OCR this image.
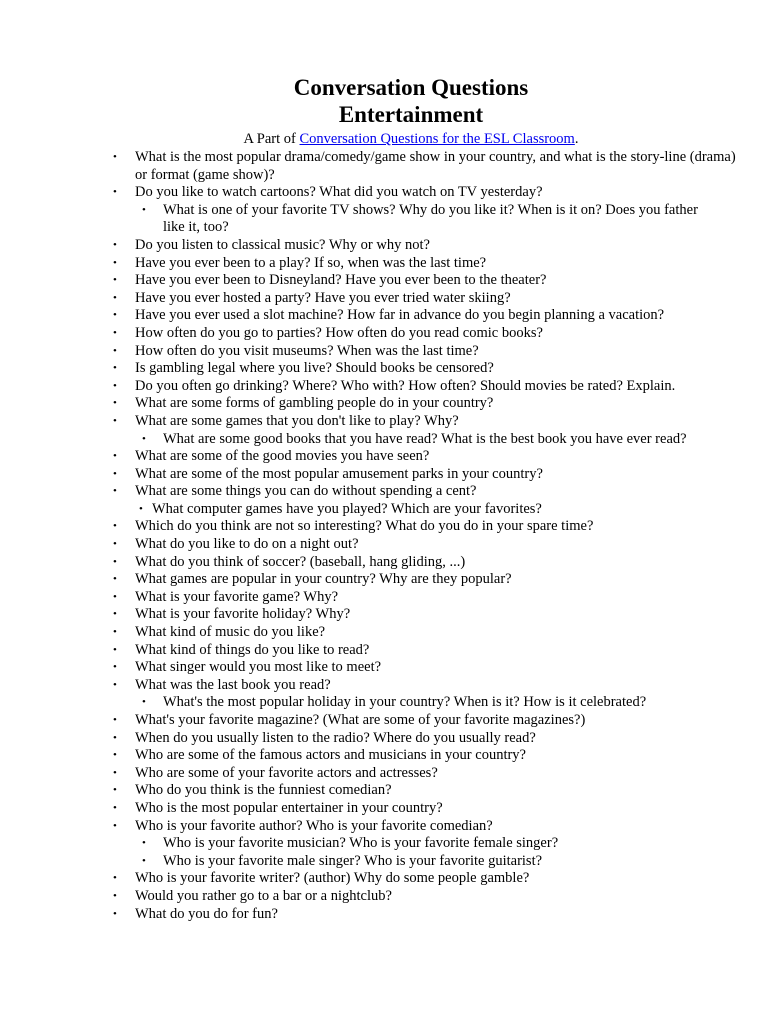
Conversation Questions

Entertainment

A Part of Conversation Questions for the ESL Classroom.
• What is the most popular drama/comedy/game show in your country, and what is the story-line (drama) or format (game show)?
• Do you like to watch cartoons? What did you watch on TV yesterday?
• What is one of your favorite TV shows? Why do you like it? When is it on? Does you father like it, too?
• Do you listen to classical music? Why or why not?
• Have you ever been to a play? If so, when was the last time?
• Have you ever been to Disneyland? Have you ever been to the theater?
• Have you ever hosted a party? Have you ever tried water skiing?
• Have you ever used a slot machine? How far in advance do you begin planning a vacation?
• How often do you go to parties? How often do you read comic books?
• How often do you visit museums? When was the last time?
• Is gambling legal where you live? Should books be censored?
• Do you often go drinking? Where? Who with? How often? Should movies be rated? Explain.
• What are some forms of gambling people do in your country?
• What are some games that you don't like to play? Why?
• What are some good books that you have read? What is the best book you have ever read?
• What are some of the good movies you have seen?
• What are some of the most popular amusement parks in your country?
• What are some things you can do without spending a cent?
• What computer games have you played? Which are your favorites?
• Which do you think are not so interesting? What do you do in your spare time?
• What do you like to do on a night out?
• What do you think of soccer? (baseball, hang gliding, ...)
• What games are popular in your country? Why are they popular?
• What is your favorite game? Why?
• What is your favorite holiday? Why?
• What kind of music do you like?
• What kind of things do you like to read?
• What singer would you most like to meet?
• What was the last book you read?
• What's the most popular holiday in your country? When is it? How is it celebrated?
• What's your favorite magazine? (What are some of your favorite magazines?)
• When do you usually listen to the radio? Where do you usually read?
• Who are some of the famous actors and musicians in your country?
• Who are some of your favorite actors and actresses?
• Who do you think is the funniest comedian?
• Who is the most popular entertainer in your country?
• Who is your favorite author? Who is your favorite comedian?
• Who is your favorite musician? Who is your favorite female singer?
• Who is your favorite male singer? Who is your favorite guitarist?
• Who is your favorite writer? (author) Why do some people gamble?
• Would you rather go to a bar or a nightclub?
• What do you do for fun?
